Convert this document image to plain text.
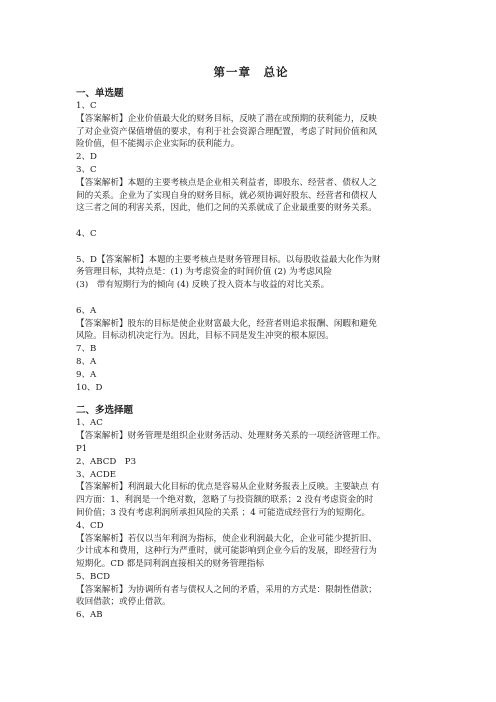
第一章　总论
一、单选题

1、C

【答案解析】企业价值最大化的财务目标，反映了潜在或预期的获利能力，反映

了对企业资产保值增值的要求，有利于社会资源合理配置，考虑了时间价值和风

险价值，但不能揭示企业实际的获利能力。

2、D

3、C

【答案解析】本题的主要考核点是企业相关利益者，即股东、经营者、债权人之

间的关系。企业为了实现自身的财务目标，就必须协调好股东、经营者和债权人

这三者之间的利害关系，因此，他们之间的关系就成了企业最重要的财务关系。

4、C

5、D【答案解析】本题的主要考核点是财务管理目标。以每股收益最大化作为财

务管理目标，其特点是：(1) 为考虑资金的时间价值 (2) 为考虑风险

(3)　带有短期行为的倾向 (4) 反映了投入资本与收益的对比关系。

6、A

【答案解析】股东的目标是使企业财富最大化，经营者则追求报酬、闲暇和避免

风险。目标动机决定行为。因此，目标不同是发生冲突的根本原因。

7、B

8、A

9、A

10、D

二、多选择题

1、AC

【答案解析】财务管理是组织企业财务活动、处理财务关系的一项经济管理工作。

P1

2、ABCD　P3

3、ACDE

【答案解析】利润最大化目标的优点是容易从企业财务报表上反映。主要缺点 有

四方面：1、利润是一个绝对数，忽略了与投资额的联系；2 没有考虑资金的时

间价值；3 没有考虑利润所承担风险的关系 ；4 可能造成经营行为的短期化。

4、CD

【答案解析】若仅以当年利润为指标，使企业利润最大化，企业可能少提折旧、

少计成本和费用，这种行为严重时，就可能影响到企业今后的发展，即经营行为

短期化。CD 都是同利润直接相关的财务管理指标

5、BCD

【答案解析】为协调所有者与债权人之间的矛盾，采用的方式是：限制性借款；

收回借款；或停止借款。

6、AB
